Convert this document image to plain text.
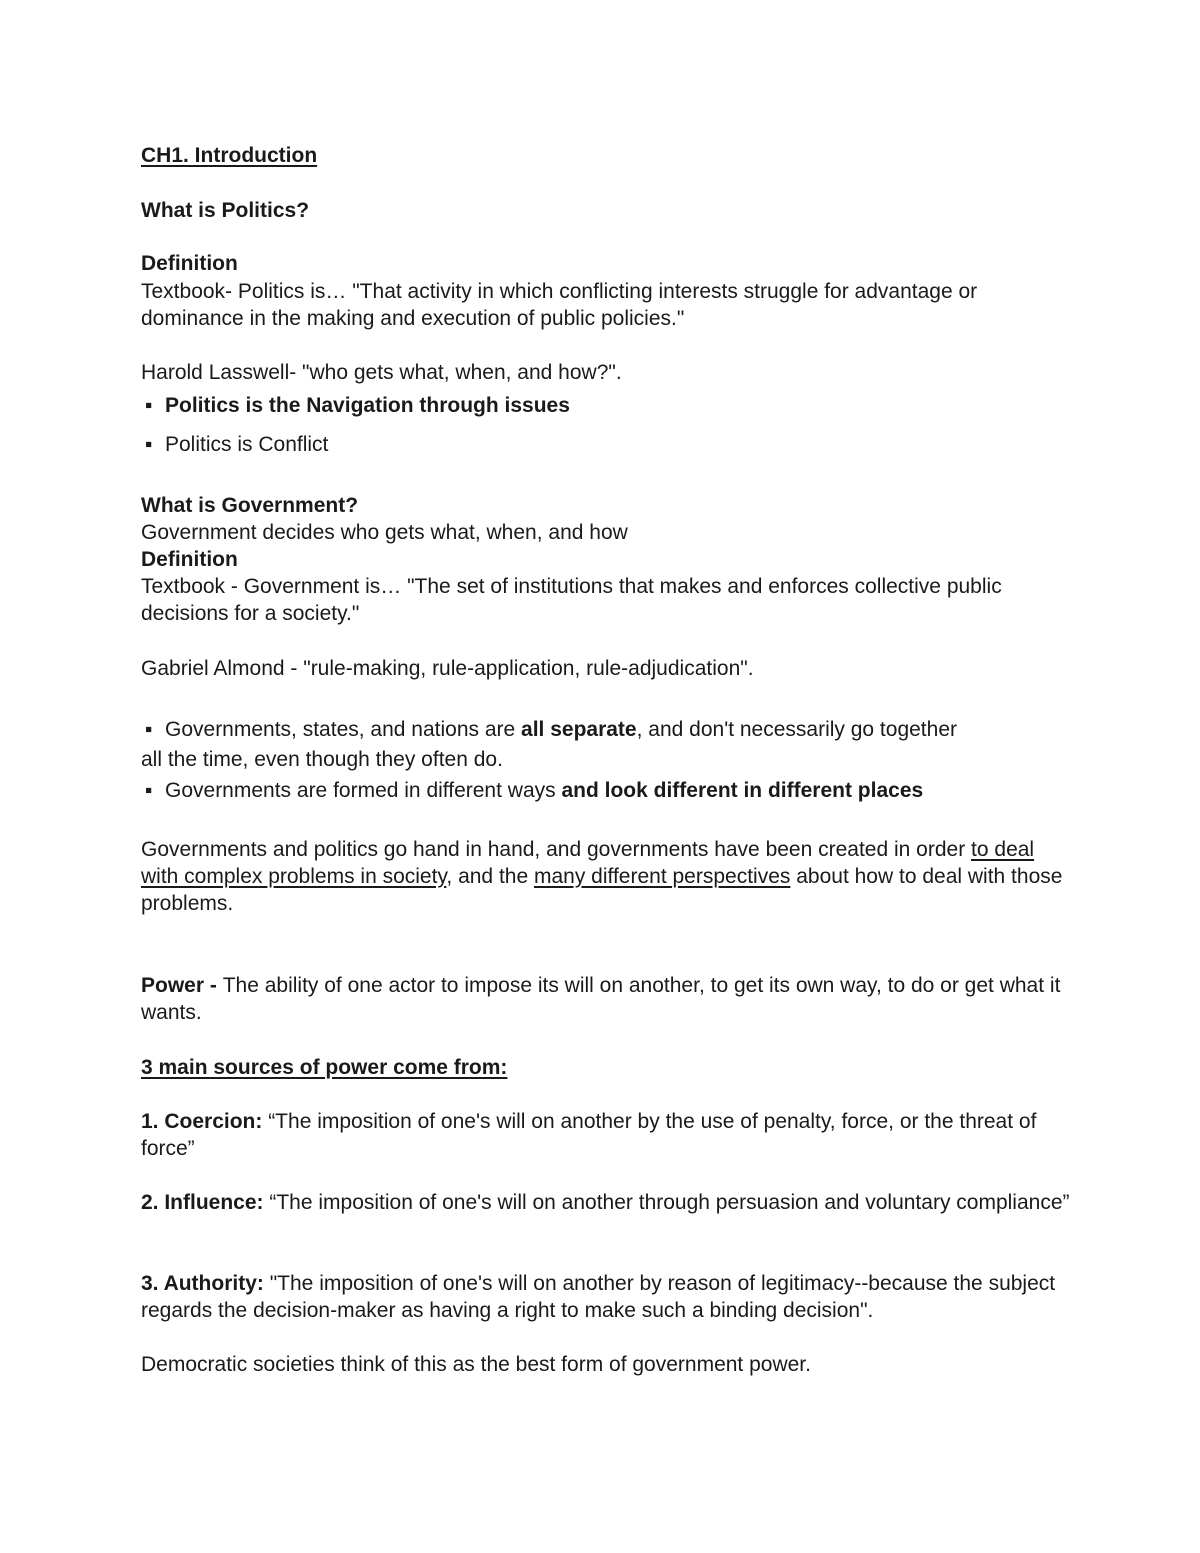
CH1. Introduction

What is Politics?

Definition

Textbook- Politics is… "That activity in which conflicting interests struggle for advantage or dominance in the making and execution of public policies."

Harold Lasswell- "who gets what, when, and how?".

▪ Politics is the Navigation through issues
▪ Politics is Conflict

What is Government?

Government decides who gets what, when, and how

Definition

Textbook - Government is… "The set of institutions that makes and enforces collective public decisions for a society."

Gabriel Almond - "rule-making, rule-application, rule-adjudication".

▪ Governments, states, and nations are all separate, and don't necessarily go together

all the time, even though they often do.

▪ Governments are formed in different ways and look different in different places

Governments and politics go hand in hand, and governments have been created in order to deal with complex problems in society, and the many different perspectives about how to deal with those problems.

Power - The ability of one actor to impose its will on another, to get its own way, to do or get what it wants.

3 main sources of power come from:

1. Coercion: “The imposition of one's will on another by the use of penalty, force, or the threat of force”

2. Influence: “The imposition of one's will on another through persuasion and voluntary compliance”

3. Authority: "The imposition of one's will on another by reason of legitimacy--because the subject regards the decision-maker as having a right to make such a binding decision".

Democratic societies think of this as the best form of government power.
